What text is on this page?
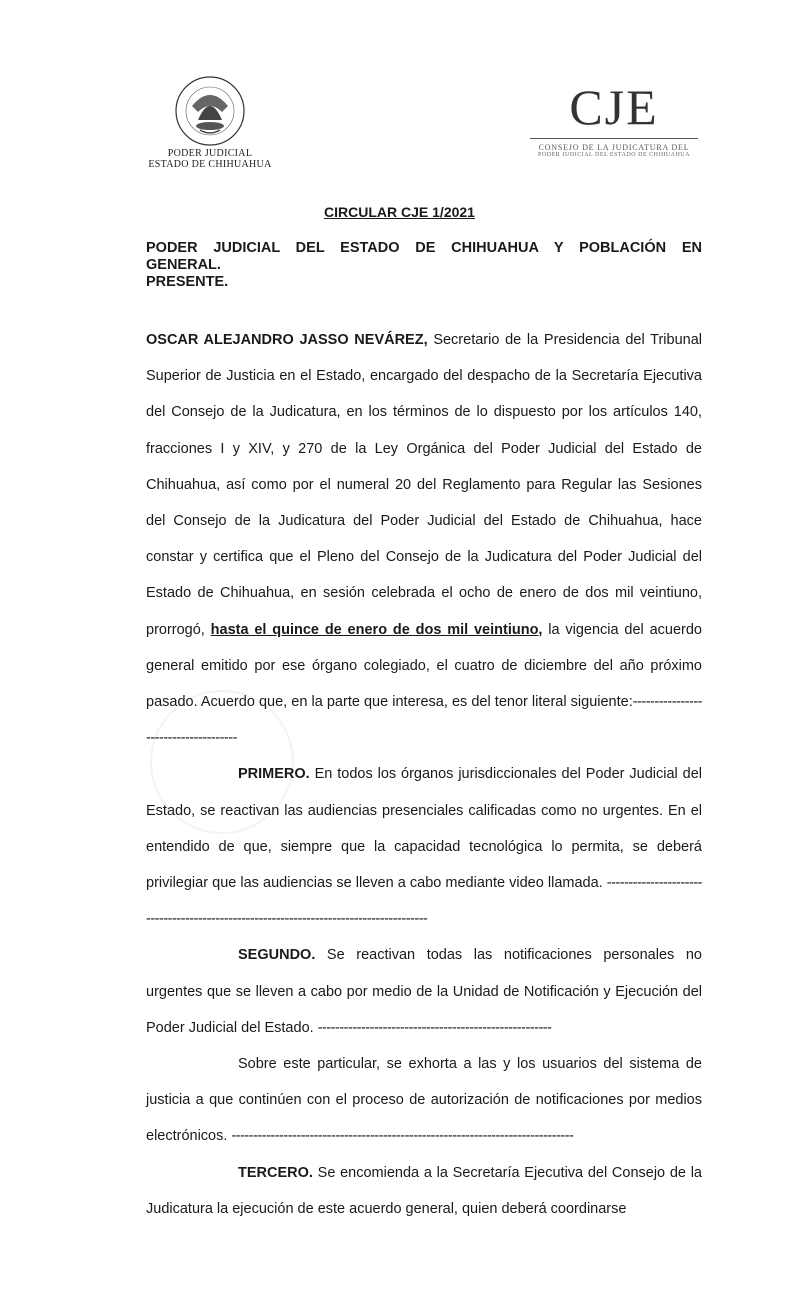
PODER JUDICIAL
ESTADO DE CHIHUAHUA
CJE
CONSEJO DE LA JUDICATURA DEL
PODER JUDICIAL DEL ESTADO DE CHIHUAHUA
CIRCULAR CJE 1/2021
PODER JUDICIAL DEL ESTADO DE CHIHUAHUA Y POBLACIÓN EN
GENERAL.
PRESENTE.

OSCAR ALEJANDRO JASSO NEVÁREZ, Secretario de la Presidencia del Tribunal Superior de Justicia en el Estado, encargado del despacho de la Secretaría Ejecutiva del Consejo de la Judicatura, en los términos de lo dispuesto por los artículos 140, fracciones I y XIV, y 270 de la Ley Orgánica del Poder Judicial del Estado de Chihuahua, así como por el numeral 20 del Reglamento para Regular las Sesiones del Consejo de la Judicatura del Poder Judicial del Estado de Chihuahua, hace constar y certifica que el Pleno del Consejo de la Judicatura del Poder Judicial del Estado de Chihuahua, en sesión celebrada el ocho de enero de dos mil veintiuno, prorrogó, hasta el quince de enero de dos mil veintiuno, la vigencia del acuerdo general emitido por ese órgano colegiado, el cuatro de diciembre del año próximo pasado. Acuerdo que, en la parte que interesa, es del tenor literal siguiente:-------------------------------------

PRIMERO. En todos los órganos jurisdiccionales del Poder Judicial del Estado, se reactivan las audiencias presenciales calificadas como no urgentes. En el entendido de que, siempre que la capacidad tecnológica lo permita, se deberá privilegiar que las audiencias se lleven a cabo mediante video llamada. ---------------------------------------------------------------------------------------

SEGUNDO. Se reactivan todas las notificaciones personales no urgentes que se lleven a cabo por medio de la Unidad de Notificación y Ejecución del Poder Judicial del Estado. ------------------------------------------------------

Sobre este particular, se exhorta a las y los usuarios del sistema de justicia a que continúen con el proceso de autorización de notificaciones por medios electrónicos. -------------------------------------------------------------------------------

TERCERO. Se encomienda a la Secretaría Ejecutiva del Consejo de la Judicatura la ejecución de este acuerdo general, quien deberá coordinarse
